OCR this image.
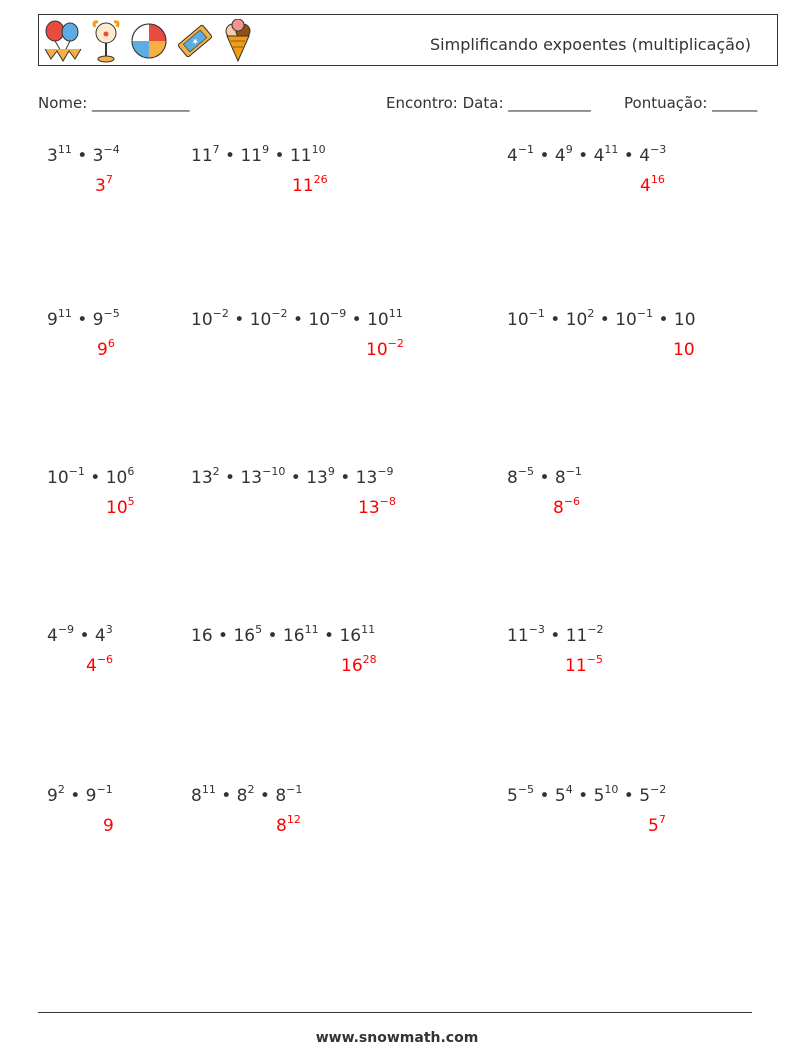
★	Simplificando expoentes (multiplicação)
Nome: _____________	Encontro: Data: ___________ Pontuação: ______
$3^{11}$ • $3^{-4}$
$3^7$
$11^7$ • $11^9$ • $11^{10}$
$11^{26}$
$4^{-1}$ • $4^9$ • $4^{11}$ • $4^{-3}$
$4^{16}$
$9^{11}$ • $9^{-5}$
$9^6$
$10^{-2}$ • $10^{-2}$ • $10^{-9}$ • $10^{11}$
$10^{-2}$
$10^{-1}$ • $10^2$ • $10^{-1}$ • 10
10
$10^{-1}$ • $10^6$
$10^5$
$13^2$ • $13^{-10}$ • $13^9$ • $13^{-9}$
$13^{-8}$
$8^{-5}$ • $8^{-1}$
$8^{-6}$
$4^{-9}$ • $4^3$
$4^{-6}$
16 • $16^5$ • $16^{11}$ • $16^{11}$
$16^{28}$
$11^{-3}$ • $11^{-2}$
$11^{-5}$
$9^2$ • $9^{-1}$
9
$8^{11}$ • $8^2$ • $8^{-1}$
$8^{12}$
$5^{-5}$ • $5^4$ • $5^{10}$ • $5^{-2}$
$5^7$
www.snowmath.com
